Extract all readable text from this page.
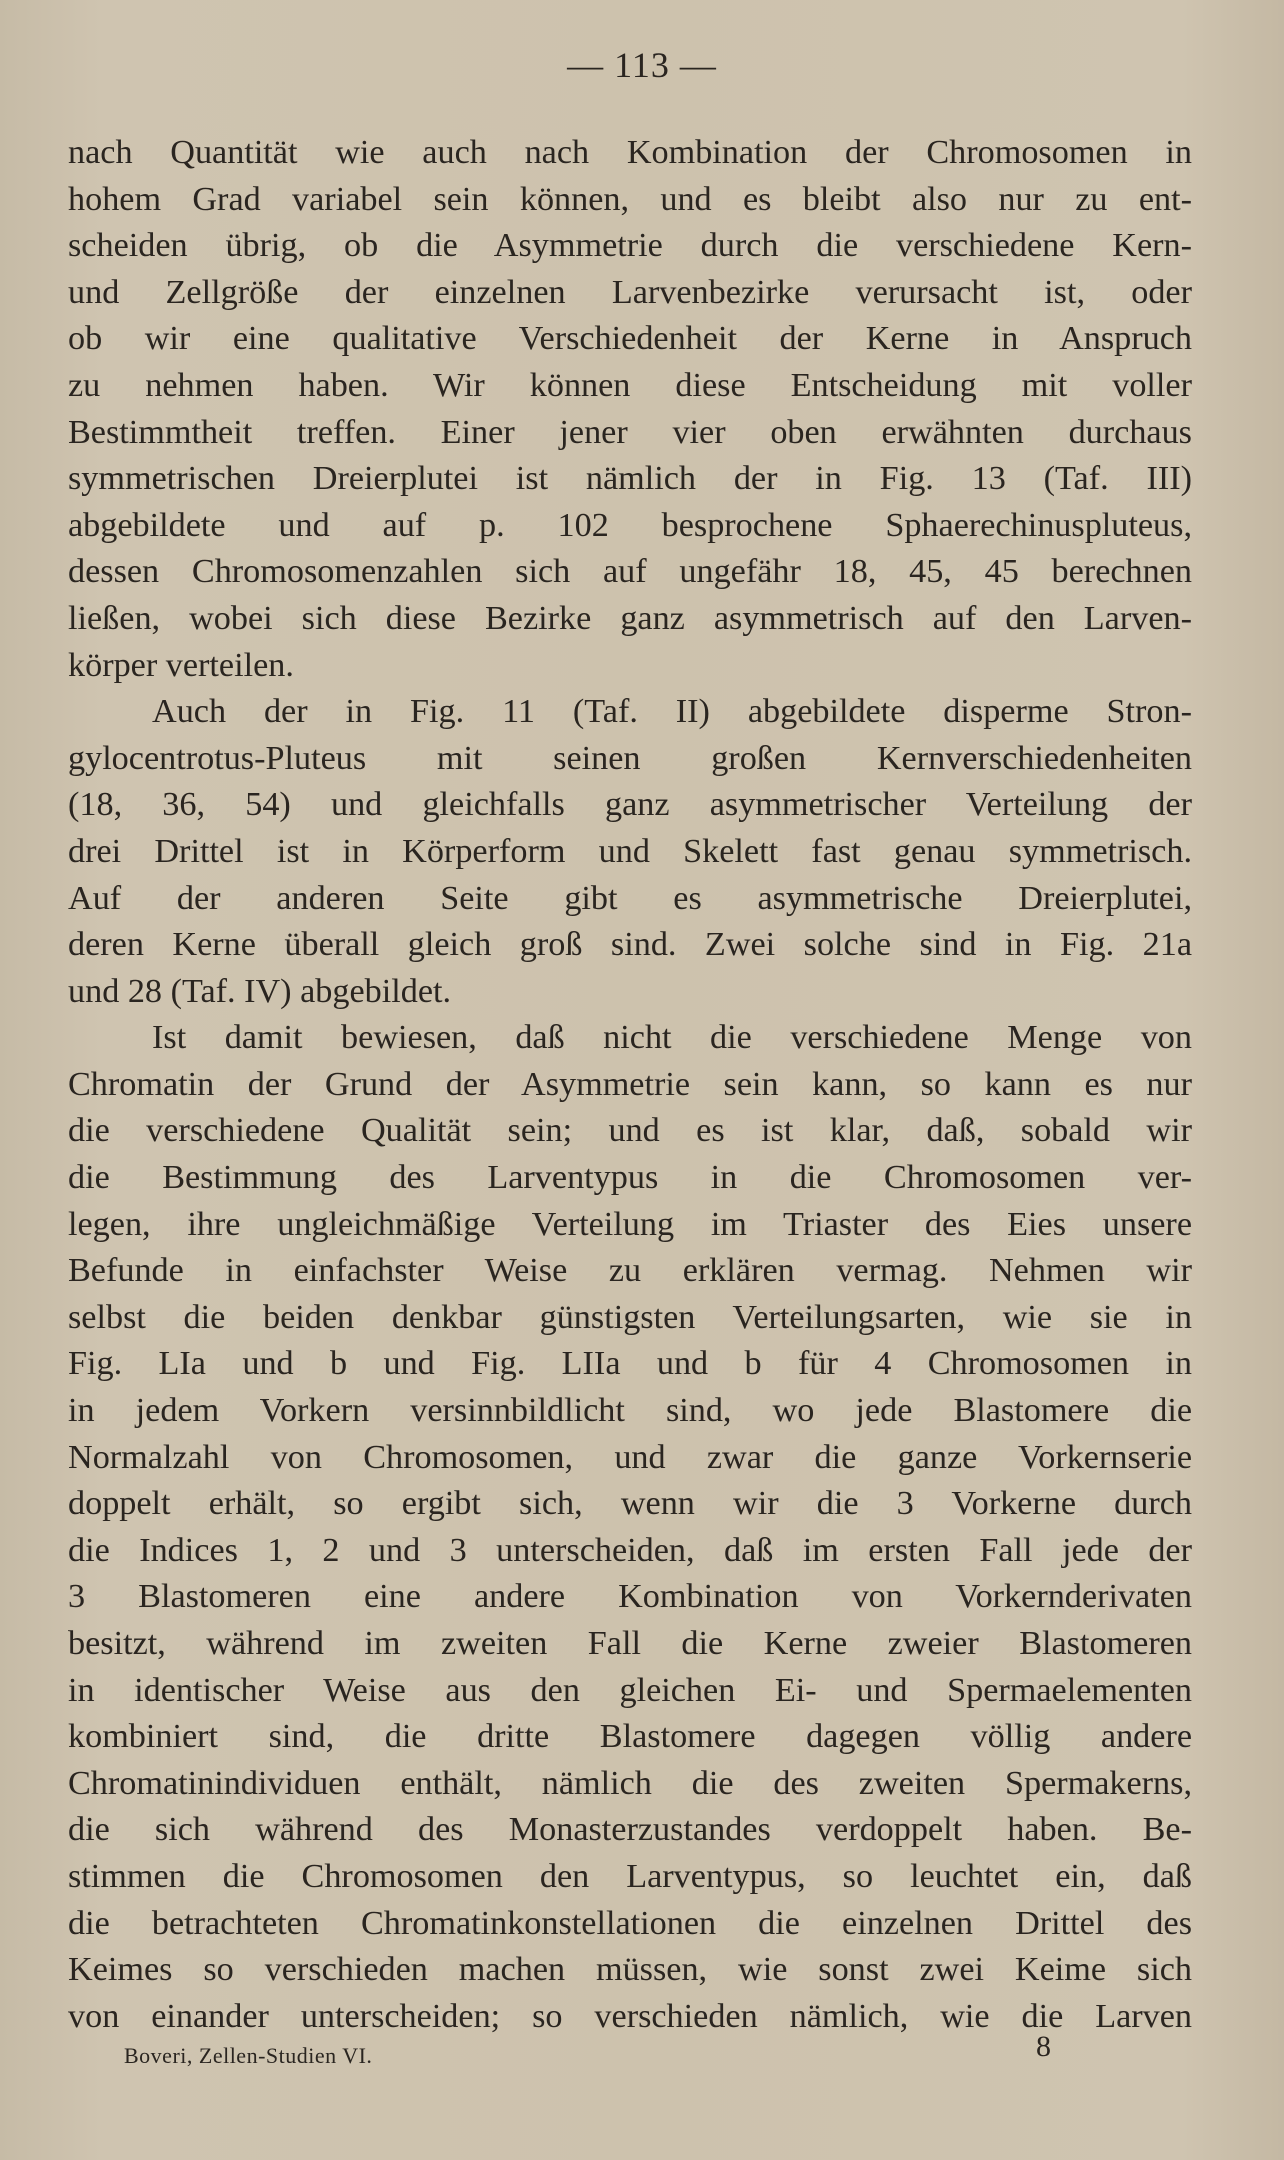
— 113 —
nach Quantität wie auch nach Kombination der Chromosomen in
hohem Grad variabel sein können, und es bleibt also nur zu ent-
scheiden übrig, ob die Asymmetrie durch die verschiedene Kern-
und Zellgröße der einzelnen Larvenbezirke verursacht ist, oder
ob wir eine qualitative Verschiedenheit der Kerne in Anspruch
zu nehmen haben. Wir können diese Entscheidung mit voller
Bestimmtheit treffen. Einer jener vier oben erwähnten durchaus
symmetrischen Dreierplutei ist nämlich der in Fig. 13 (Taf. III)
abgebildete und auf p. 102 besprochene Sphaerechinuspluteus,
dessen Chromosomenzahlen sich auf ungefähr 18, 45, 45 berechnen
ließen, wobei sich diese Bezirke ganz asymmetrisch auf den Larven-
körper verteilen.
Auch der in Fig. 11 (Taf. II) abgebildete disperme Stron-
gylocentrotus-Pluteus mit seinen großen Kernverschiedenheiten
(18, 36, 54) und gleichfalls ganz asymmetrischer Verteilung der
drei Drittel ist in Körperform und Skelett fast genau symmetrisch.
Auf der anderen Seite gibt es asymmetrische Dreierplutei,
deren Kerne überall gleich groß sind. Zwei solche sind in Fig. 21a
und 28 (Taf. IV) abgebildet.
Ist damit bewiesen, daß nicht die verschiedene Menge von
Chromatin der Grund der Asymmetrie sein kann, so kann es nur
die verschiedene Qualität sein; und es ist klar, daß, sobald wir
die Bestimmung des Larventypus in die Chromosomen ver-
legen, ihre ungleichmäßige Verteilung im Triaster des Eies unsere
Befunde in einfachster Weise zu erklären vermag. Nehmen wir
selbst die beiden denkbar günstigsten Verteilungsarten, wie sie in
Fig. LIa und b und Fig. LIIa und b für 4 Chromosomen in
in jedem Vorkern versinnbildlicht sind, wo jede Blastomere die
Normalzahl von Chromosomen, und zwar die ganze Vorkernserie
doppelt erhält, so ergibt sich, wenn wir die 3 Vorkerne durch
die Indices 1, 2 und 3 unterscheiden, daß im ersten Fall jede der
3 Blastomeren eine andere Kombination von Vorkernderivaten
besitzt, während im zweiten Fall die Kerne zweier Blastomeren
in identischer Weise aus den gleichen Ei- und Spermaelementen
kombiniert sind, die dritte Blastomere dagegen völlig andere
Chromatinindividuen enthält, nämlich die des zweiten Spermakerns,
die sich während des Monasterzustandes verdoppelt haben. Be-
stimmen die Chromosomen den Larventypus, so leuchtet ein, daß
die betrachteten Chromatinkonstellationen die einzelnen Drittel des
Keimes so verschieden machen müssen, wie sonst zwei Keime sich
von einander unterscheiden; so verschieden nämlich, wie die Larven
Boveri, Zellen-Studien VI.	8
